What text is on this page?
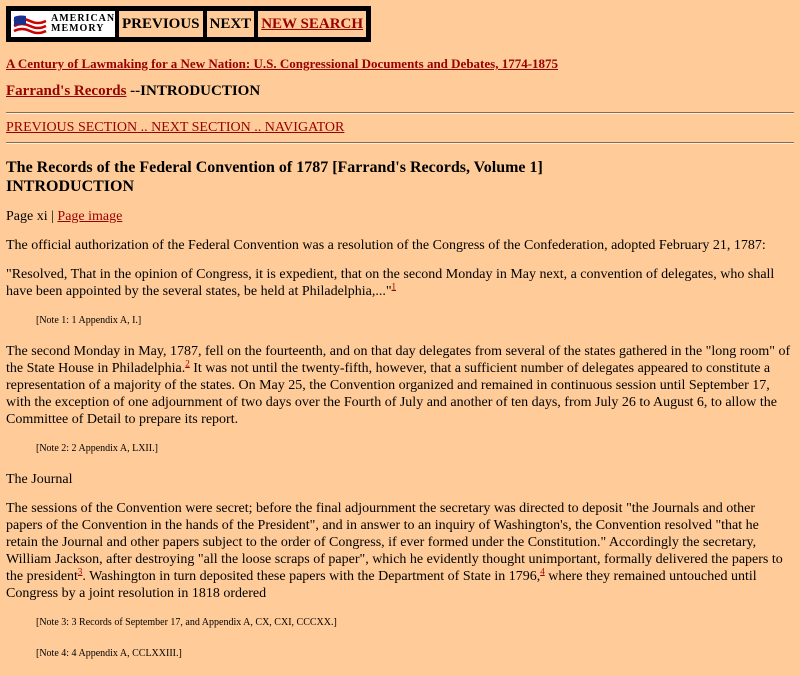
AMERICAN
MEMORY	PREVIOUS NEXT NEW SEARCH
A Century of Lawmaking for a New Nation: U.S. Congressional Documents and Debates, 1774-1875
Farrand's Records --INTRODUCTION
PREVIOUS SECTION .. NEXT SECTION .. NAVIGATOR
The Records of the Federal Convention of 1787 [Farrand's Records, Volume 1]
INTRODUCTION

Page xi | Page image

The official authorization of the Federal Convention was a resolution of the Congress of the Confederation, adopted February 21, 1787:

"Resolved, That in the opinion of Congress, it is expedient, that on the second Monday in May next, a convention of delegates, who shall have been appointed by the several states, be held at Philadelphia,..."$^1$

[Note 1: 1 Appendix A, I.]

The second Monday in May, 1787, fell on the fourteenth, and on that day delegates from several of the states gathered in the "long room" of the State House in Philadelphia.$^2$ It was not until the twenty-fifth, however, that a sufficient number of delegates appeared to constitute a representation of a majority of the states. On May 25, the Convention organized and remained in continuous session until September 17, with the exception of one adjournment of two days over the Fourth of July and another of ten days, from July 26 to August 6, to allow the Committee of Detail to prepare its report.

[Note 2: 2 Appendix A, LXII.]

The Journal

The sessions of the Convention were secret; before the final adjournment the secretary was directed to deposit "the Journals and other papers of the Convention in the hands of the President", and in answer to an inquiry of Washington's, the Convention resolved "that he retain the Journal and other papers subject to the order of Congress, if ever formed under the Constitution." Accordingly the secretary, William Jackson, after destroying "all the loose scraps of paper", which he evidently thought unimportant, formally delivered the papers to the president$^3$. Washington in turn deposited these papers with the Department of State in 1796,$^4$ where they remained untouched until Congress by a joint resolution in 1818 ordered

[Note 3: 3 Records of September 17, and Appendix A, CX, CXI, CCCXX.]

[Note 4: 4 Appendix A, CCLXXIII.]
